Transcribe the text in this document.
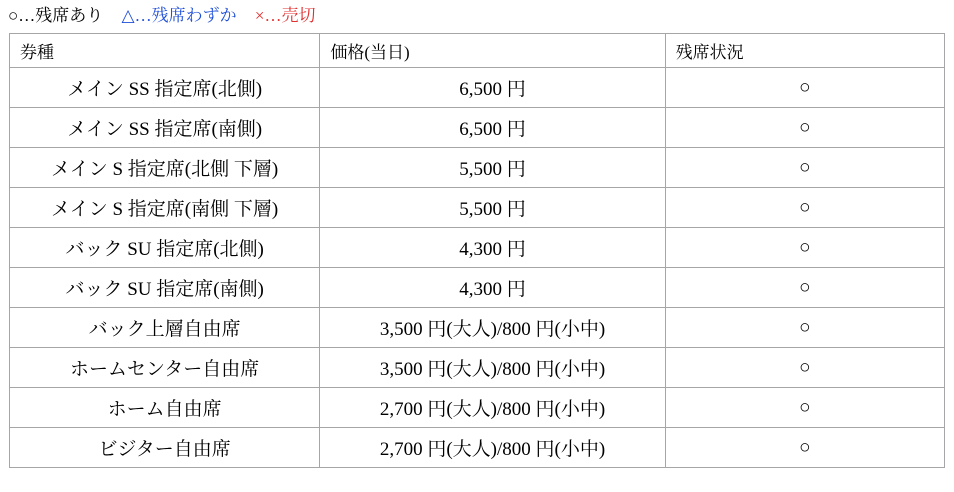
○…残席あり △…残席わずか ×…売切
券種	価格(当日)	残席状況
メイン SS 指定席(北側)	6,500 円	○
メイン SS 指定席(南側)	6,500 円	○
メイン S 指定席(北側 下層)	5,500 円	○
メイン S 指定席(南側 下層)	5,500 円	○
バック SU 指定席(北側)	4,300 円	○
バック SU 指定席(南側)	4,300 円	○
バック上層自由席	3,500 円(大人)/800 円(小中)	○
ホームセンター自由席	3,500 円(大人)/800 円(小中)	○
ホーム自由席	2,700 円(大人)/800 円(小中)	○
ビジター自由席	2,700 円(大人)/800 円(小中)	○
